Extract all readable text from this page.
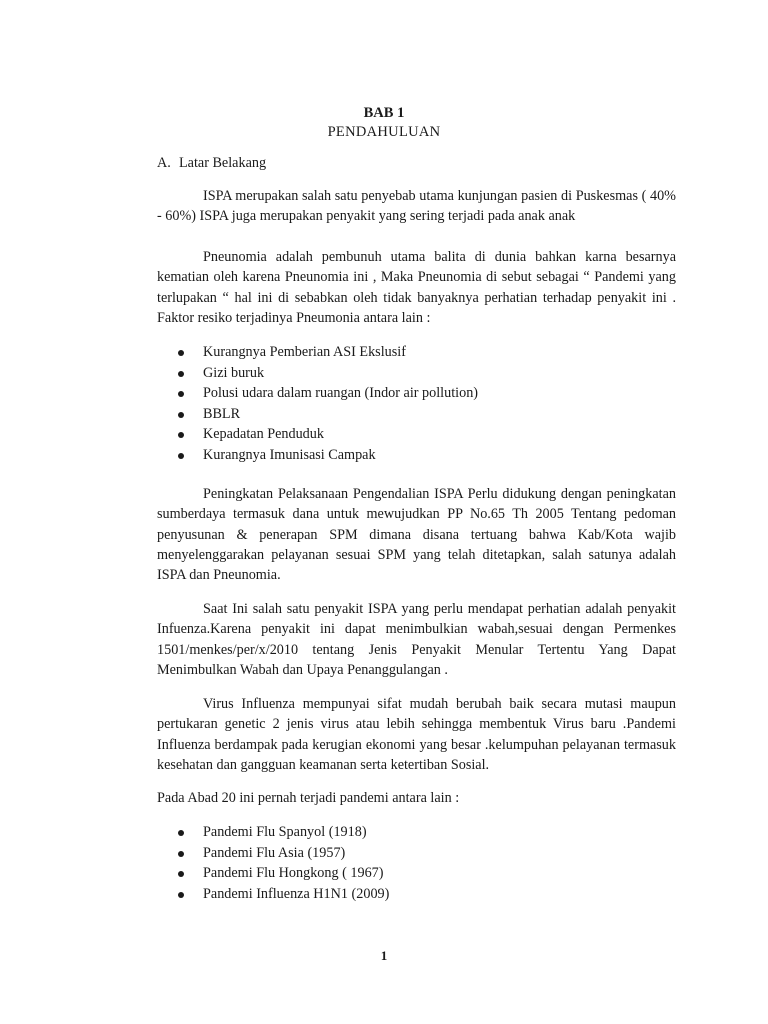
BAB 1
PENDAHULUAN
A. Latar Belakang

ISPA merupakan salah satu penyebab utama kunjungan pasien di Puskesmas ( 40% - 60%) ISPA juga merupakan penyakit yang sering terjadi pada anak anak

Pneunomia adalah pembunuh utama balita di dunia bahkan karna besarnya kematian oleh karena Pneunomia ini , Maka Pneunomia di sebut sebagai “ Pandemi yang terlupakan “ hal ini di sebabkan oleh tidak banyaknya perhatian terhadap penyakit ini . Faktor resiko terjadinya Pneumonia antara lain :

Kurangnya Pemberian ASI Ekslusif
Gizi buruk
Polusi udara dalam ruangan (Indor air pollution)
BBLR
Kepadatan Penduduk
Kurangnya Imunisasi Campak

Peningkatan Pelaksanaan Pengendalian ISPA Perlu didukung dengan peningkatan sumberdaya termasuk dana untuk mewujudkan PP No.65 Th 2005 Tentang pedoman penyusunan & penerapan SPM dimana disana tertuang bahwa Kab/Kota wajib menyelenggarakan pelayanan sesuai SPM yang telah ditetapkan, salah satunya adalah ISPA dan Pneunomia.

Saat Ini salah satu penyakit ISPA yang perlu mendapat perhatian adalah penyakit Infuenza.Karena penyakit ini dapat menimbulkian wabah,sesuai dengan Permenkes 1501/menkes/per/x/2010 tentang Jenis Penyakit Menular Tertentu Yang Dapat Menimbulkan Wabah dan Upaya Penanggulangan .

Virus Influenza mempunyai sifat mudah berubah baik secara mutasi maupun pertukaran genetic 2 jenis virus atau lebih sehingga membentuk Virus baru .Pandemi Influenza berdampak pada kerugian ekonomi yang besar .kelumpuhan pelayanan termasuk kesehatan dan gangguan keamanan serta ketertiban Sosial.

Pada Abad 20 ini pernah terjadi pandemi antara lain :

Pandemi Flu Spanyol (1918)
Pandemi Flu Asia (1957)
Pandemi Flu Hongkong ( 1967)
Pandemi Influenza H1N1 (2009)
1
